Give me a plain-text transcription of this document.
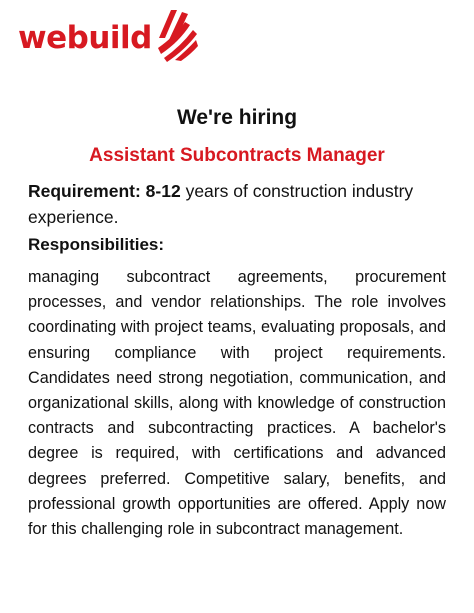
webuild
We're hiring
Assistant Subcontracts Manager
Requirement: 8-12 years of construction industry experience.
Responsibilities:
managing subcontract agreements, procurement processes, and vendor relationships. The role involves coordinating with project teams, evaluating proposals, and ensuring compliance with project requirements. Candidates need strong negotiation, communication, and organizational skills, along with knowledge of construction contracts and subcontracting practices. A bachelor's degree is required, with certifications and advanced degrees preferred. Competitive salary, benefits, and professional growth opportunities are offered. Apply now for this challenging role in subcontract management.
